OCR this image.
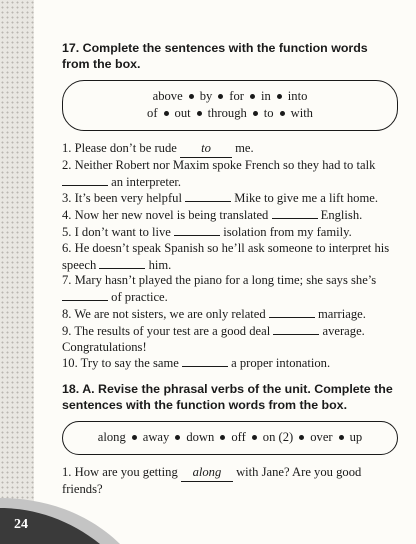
17. Complete the sentences with the function words from the box.

above by for in into
of out through to with

1. Please don’t be rude to me.

2. Neither Robert nor Maxim spoke French so they had to talk  an interpreter.

3. It’s been very helpful	Mike to give me a lift home.

4. Now her new novel is being translated	English.

5. I don’t want to live	isolation from my family.

6. He doesn’t speak Spanish so he’ll ask someone to interpret his speech	him.

7. Mary hasn’t played the piano for a long time; she says she’s  of practice.

8. We are not sisters, we are only related	marriage.

9. The results of your test are a good deal	average. Congratulations!

10. Try to say the same	a proper intonation.

18. A. Revise the phrasal verbs of the unit. Complete the sentences with the function words from the box.

along away down off on (2) over up

1. How are you getting along with Jane? Are you good friends?

24
